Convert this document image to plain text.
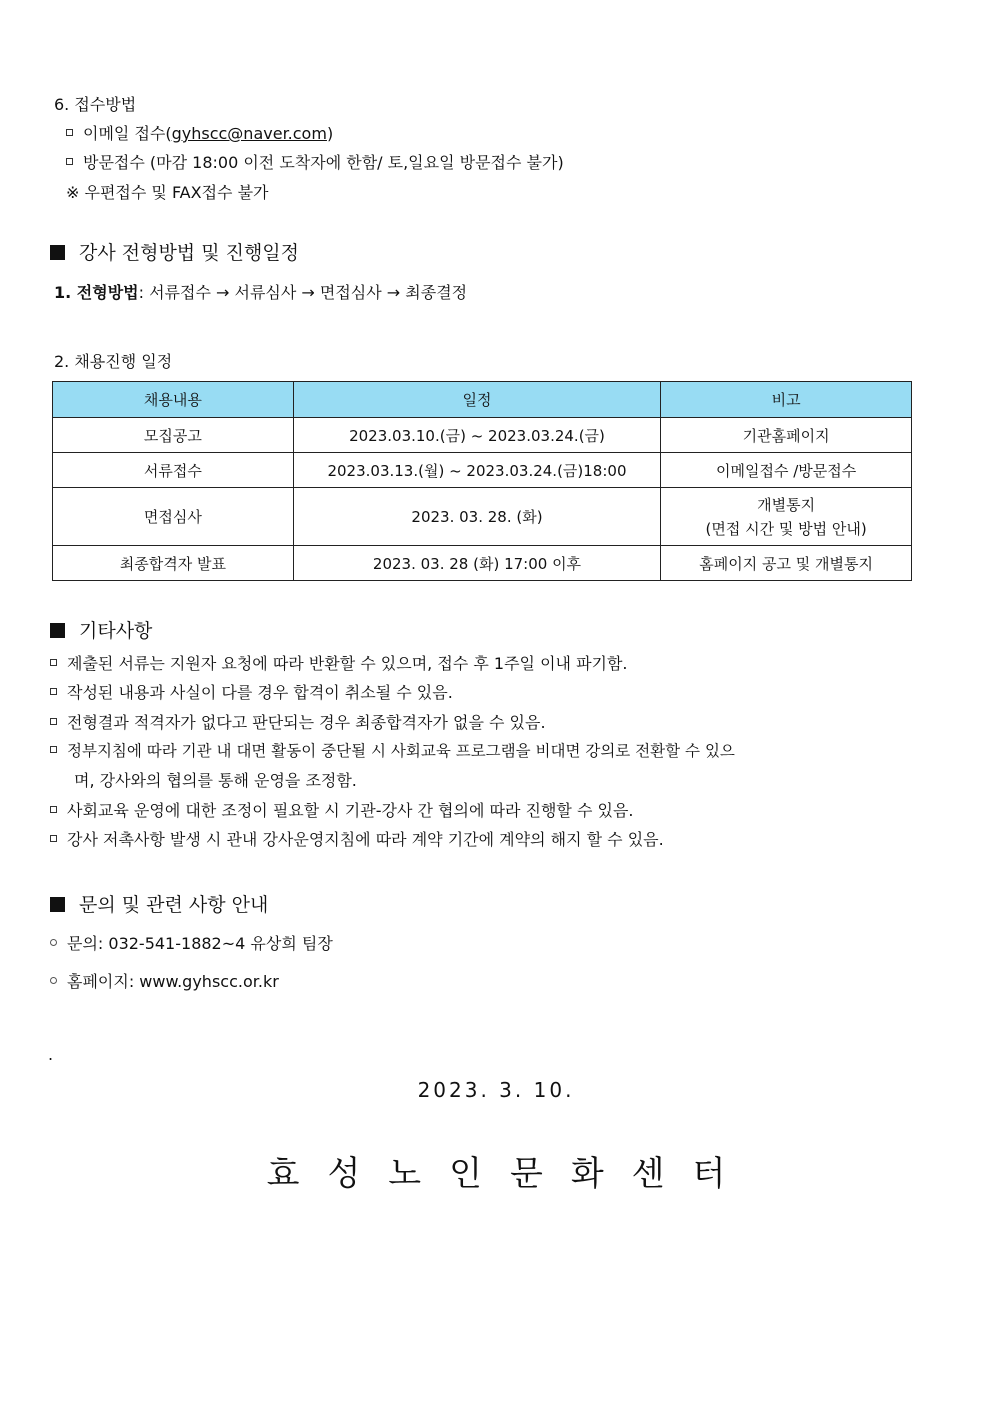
6. 접수방법
이메일 접수(gyhscc@naver.com)
방문접수 (마감 18:00 이전 도착자에 한함/ 토,일요일 방문접수 불가)
※ 우편접수 및 FAX접수 불가
강사 전형방법 및 진행일정
1. 전형방법: 서류접수 → 서류심사 → 면접심사 → 최종결정
2. 채용진행 일정
채용내용	일정	비고
모집공고	2023.03.10.(금) ~ 2023.03.24.(금)	기관홈페이지
서류접수	2023.03.13.(월) ~ 2023.03.24.(금)18:00	이메일접수 /방문접수
면접심사	2023. 03. 28. (화)	개별통지
(면접 시간 및 방법 안내)

최종합격자 발표	2023. 03. 28 (화) 17:00 이후	홈페이지 공고 및 개별통지
기타사항
제출된 서류는 지원자 요청에 따라 반환할 수 있으며, 접수 후 1주일 이내 파기함.
작성된 내용과 사실이 다를 경우 합격이 취소될 수 있음.
전형결과 적격자가 없다고 판단되는 경우 최종합격자가 없을 수 있음.
정부지침에 따라 기관 내 대면 활동이 중단될 시 사회교육 프로그램을 비대면 강의로 전환할 수 있으
며, 강사와의 협의를 통해 운영을 조정함.
사회교육 운영에 대한 조정이 필요할 시 기관-강사 간 협의에 따라 진행할 수 있음.
강사 저촉사항 발생 시 관내 강사운영지침에 따라 계약 기간에 계약의 해지 할 수 있음.
문의 및 관련 사항 안내
문의: 032-541-1882~4 유상희 팀장
홈페이지: www.gyhscc.or.kr
.
2023. 3. 10.
효성노인문화센터
